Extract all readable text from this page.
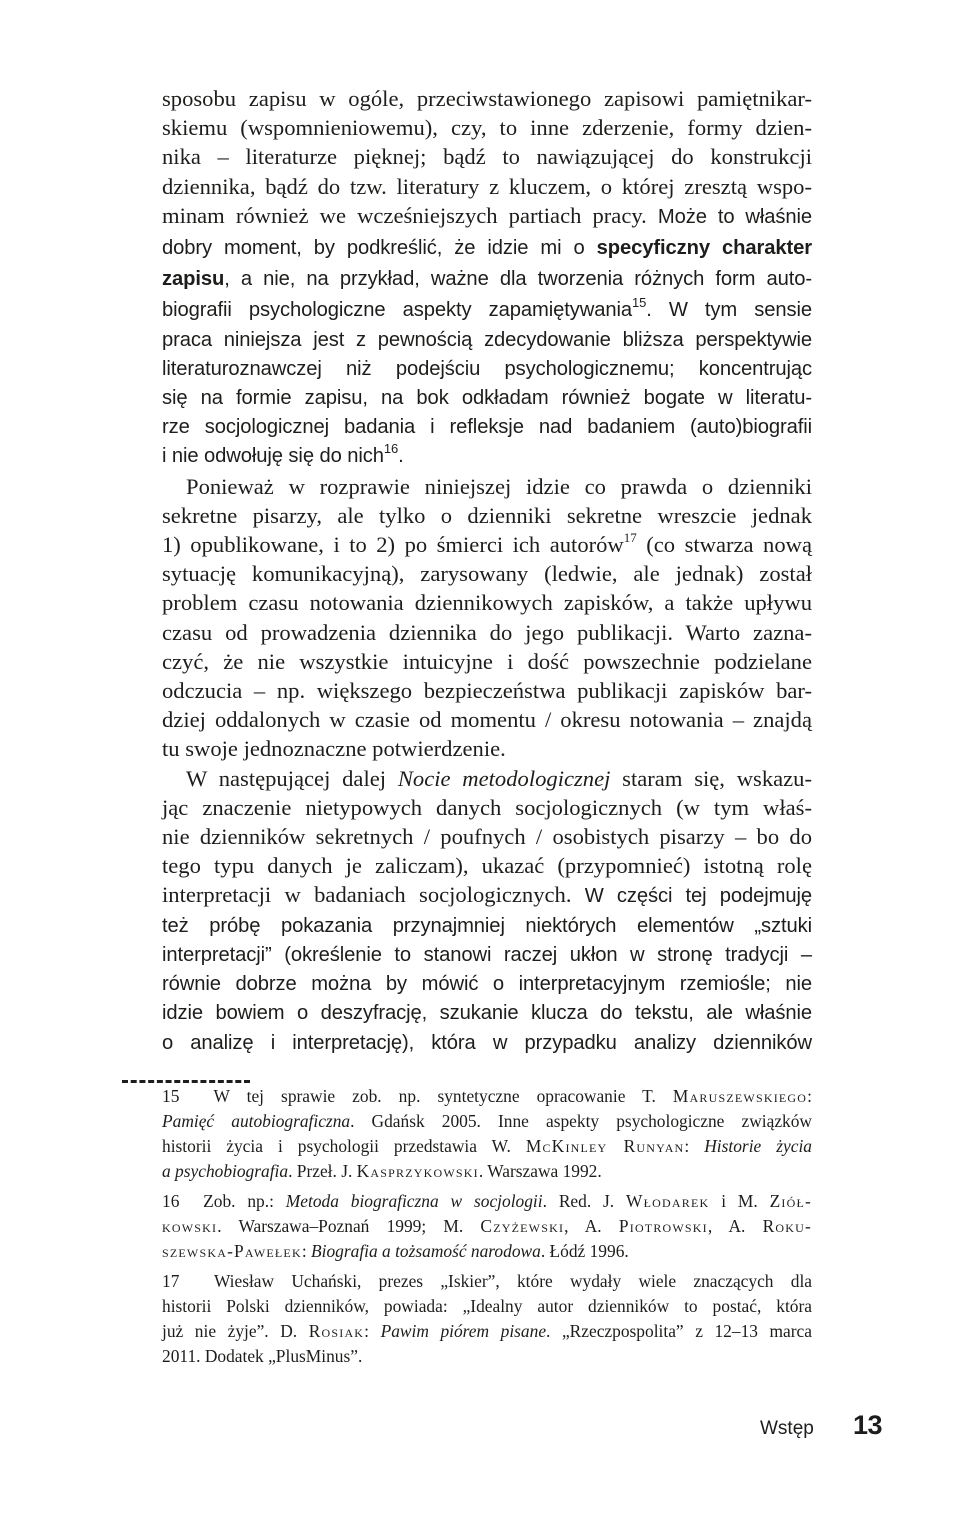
sposobu zapisu w ogóle, przeciwstawionego zapisowi pamiętnikar-
skiemu (wspomnieniowemu), czy, to inne zderzenie, formy dzien-
nika – literaturze pięknej; bądź to nawiązującej do konstrukcji
dziennika, bądź do tzw. literatury z kluczem, o której zresztą wspo-
minam również we wcześniejszych partiach pracy. Może to właśnie
dobry moment, by podkreślić, że idzie mi o specyficzny charakter
zapisu, a nie, na przykład, ważne dla tworzenia różnych form auto-
biografii psychologiczne aspekty zapamiętywania$^{15}$. W tym sensie
praca niniejsza jest z pewnością zdecydowanie bliższa perspektywie
literaturoznawczej niż podejściu psychologicznemu; koncentrując
się na formie zapisu, na bok odkładam również bogate w literatu-
rze socjologicznej badania i refleksje nad badaniem (auto)biografii
i nie odwołuję się do nich$^{16}$.
Ponieważ w rozprawie niniejszej idzie co prawda o dzienniki
sekretne pisarzy, ale tylko o dzienniki sekretne wreszcie jednak
1) opublikowane, i to 2) po śmierci ich autorów$^{17}$ (co stwarza nową
sytuację komunikacyjną), zarysowany (ledwie, ale jednak) został
problem czasu notowania dziennikowych zapisków, a także upływu
czasu od prowadzenia dziennika do jego publikacji. Warto zazna-
czyć, że nie wszystkie intuicyjne i dość powszechnie podzielane
odczucia – np. większego bezpieczeństwa publikacji zapisków bar-
dziej oddalonych w czasie od momentu / okresu notowania – znajdą
tu swoje jednoznaczne potwierdzenie.
W następującej dalej Nocie metodologicznej staram się, wskazu-
jąc znaczenie nietypowych danych socjologicznych (w tym właś-
nie dzienników sekretnych / poufnych / osobistych pisarzy – bo do
tego typu danych je zaliczam), ukazać (przypomnieć) istotną rolę
interpretacji w badaniach socjologicznych. W części tej podejmuję
też próbę pokazania przynajmniej niektórych elementów „sztuki
interpretacji” (określenie to stanowi raczej ukłon w stronę tradycji –
równie dobrze można by mówić o interpretacyjnym rzemiośle; nie
idzie bowiem o deszyfrację, szukanie klucza do tekstu, ale właśnie
o analizę i interpretację), która w przypadku analizy dzienników
15 W tej sprawie zob. np. syntetyczne opracowanie T. Maruszewskiego:
Pamięć autobiograficzna. Gdańsk 2005. Inne aspekty psychologiczne związków
historii życia i psychologii przedstawia W. McKinley Runyan: Historie życia
a psychobiografia. Przeł. J. Kasprzykowski. Warszawa 1992.
16 Zob. np.: Metoda biograficzna w socjologii. Red. J. Włodarek i M. Ziół-
kowski. Warszawa–Poznań 1999; M. Czyżewski, A. Piotrowski, A. Roku-
szewska-Pawełek: Biografia a tożsamość narodowa. Łódź 1996.
17 Wiesław Uchański, prezes „Iskier”, które wydały wiele znaczących dla
historii Polski dzienników, powiada: „Idealny autor dzienników to postać, która
już nie żyje”. D. Rosiak: Pawim piórem pisane. „Rzeczpospolita” z 12–13 marca
2011. Dodatek „PlusMinus”.
Wstęp 13
